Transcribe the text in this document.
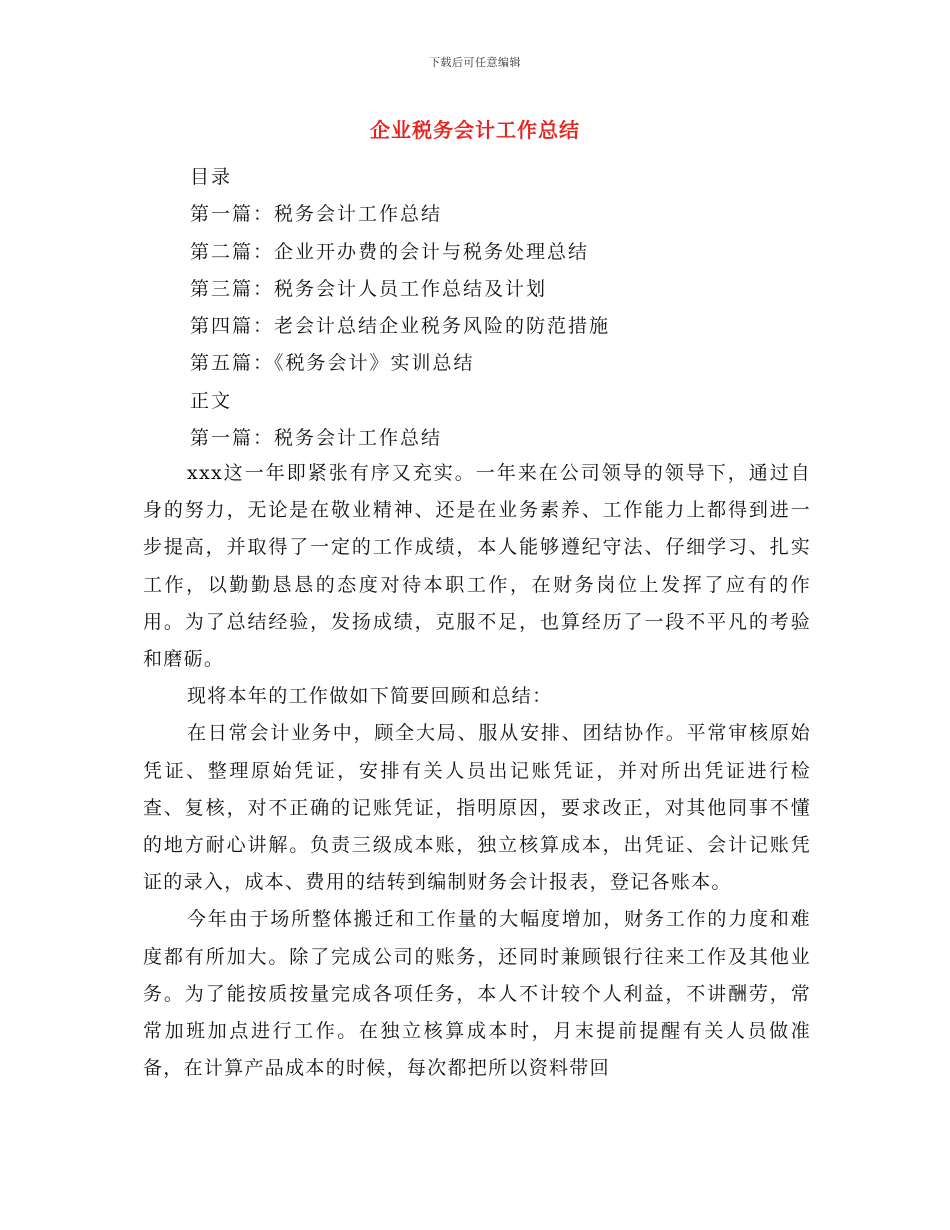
下载后可任意编辑
企业税务会计工作总结
目录
第一篇：税务会计工作总结
第二篇：企业开办费的会计与税务处理总结
第三篇：税务会计人员工作总结及计划
第四篇：老会计总结企业税务风险的防范措施
第五篇：《税务会计》实训总结
正文
第一篇：税务会计工作总结

xxx这一年即紧张有序又充实。一年来在公司领导的领导下，通过自身的努力，无论是在敬业精神、还是在业务素养、工作能力上都得到进一步提高，并取得了一定的工作成绩，本人能够遵纪守法、仔细学习、扎实工作，以勤勤恳恳的态度对待本职工作，在财务岗位上发挥了应有的作用。为了总结经验，发扬成绩，克服不足，也算经历了一段不平凡的考验和磨砺。

现将本年的工作做如下简要回顾和总结：

在日常会计业务中，顾全大局、服从安排、团结协作。平常审核原始凭证、整理原始凭证，安排有关人员出记账凭证，并对所出凭证进行检查、复核，对不正确的记账凭证，指明原因，要求改正，对其他同事不懂的地方耐心讲解。负责三级成本账，独立核算成本，出凭证、会计记账凭证的录入，成本、费用的结转到编制财务会计报表，登记各账本。

今年由于场所整体搬迁和工作量的大幅度增加，财务工作的力度和难度都有所加大。除了完成公司的账务，还同时兼顾银行往来工作及其他业务。为了能按质按量完成各项任务，本人不计较个人利益，不讲酬劳，常常加班加点进行工作。在独立核算成本时，月末提前提醒有关人员做准备，在计算产品成本的时候，每次都把所以资料带回
